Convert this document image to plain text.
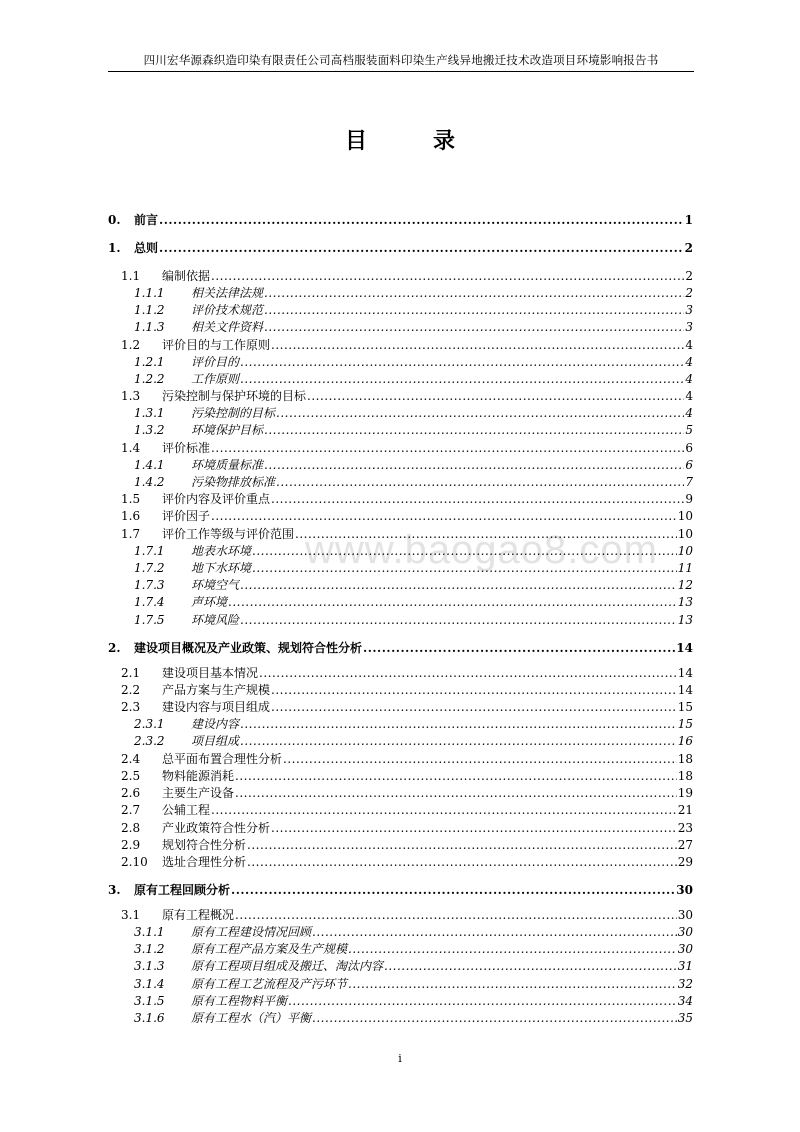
四川宏华源森织造印染有限责任公司高档服装面料印染生产线异地搬迁技术改造项目环境影响报告书
目	录
www.baogao8.com
0. 前言 .....	1
1. 总则 .....	2
1.1 编制依据 .....	2
1.1.1 相关法律法规 .....	2
1.1.2 评价技术规范 .....	3
1.1.3 相关文件资料 .....	3
1.2 评价目的与工作原则 .....	4
1.2.1 评价目的 .....	4
1.2.2 工作原则 .....	4
1.3 污染控制与保护环境的目标 .....	4
1.3.1 污染控制的目标 .....	4
1.3.2 环境保护目标 .....	5
1.4 评价标准 .....	6
1.4.1 环境质量标准 .....	6
1.4.2 污染物排放标准 .....	7
1.5 评价内容及评价重点 .....	9
1.6 评价因子 .....	10
1.7 评价工作等级与评价范围 .....	10
1.7.1 地表水环境 .....	10
1.7.2 地下水环境 .....	11
1.7.3 环境空气 .....	12
1.7.4 声环境 .....	13
1.7.5 环境风险 .....	13
2. 建设项目概况及产业政策、规划符合性分析 .....	14
2.1 建设项目基本情况 .....	14
2.2 产品方案与生产规模 .....	14
2.3 建设内容与项目组成 .....	15
2.3.1 建设内容 .....	15
2.3.2 项目组成 .....	16
2.4 总平面布置合理性分析 .....	18
2.5 物料能源消耗 .....	18
2.6 主要生产设备 .....	19
2.7 公辅工程 .....	21
2.8 产业政策符合性分析 .....	23
2.9 规划符合性分析 .....	27
2.10 选址合理性分析 .....	29
3. 原有工程回顾分析 .....	30
3.1 原有工程概况 .....	30
3.1.1 原有工程建设情况回顾 .....	30
3.1.2 原有工程产品方案及生产规模 .....	30
3.1.3 原有工程项目组成及搬迁、淘汰内容 .....	31
3.1.4 原有工程工艺流程及产污环节 .....	32
3.1.5 原有工程物料平衡 .....	34
3.1.6 原有工程水（汽）平衡 .....	35
i
